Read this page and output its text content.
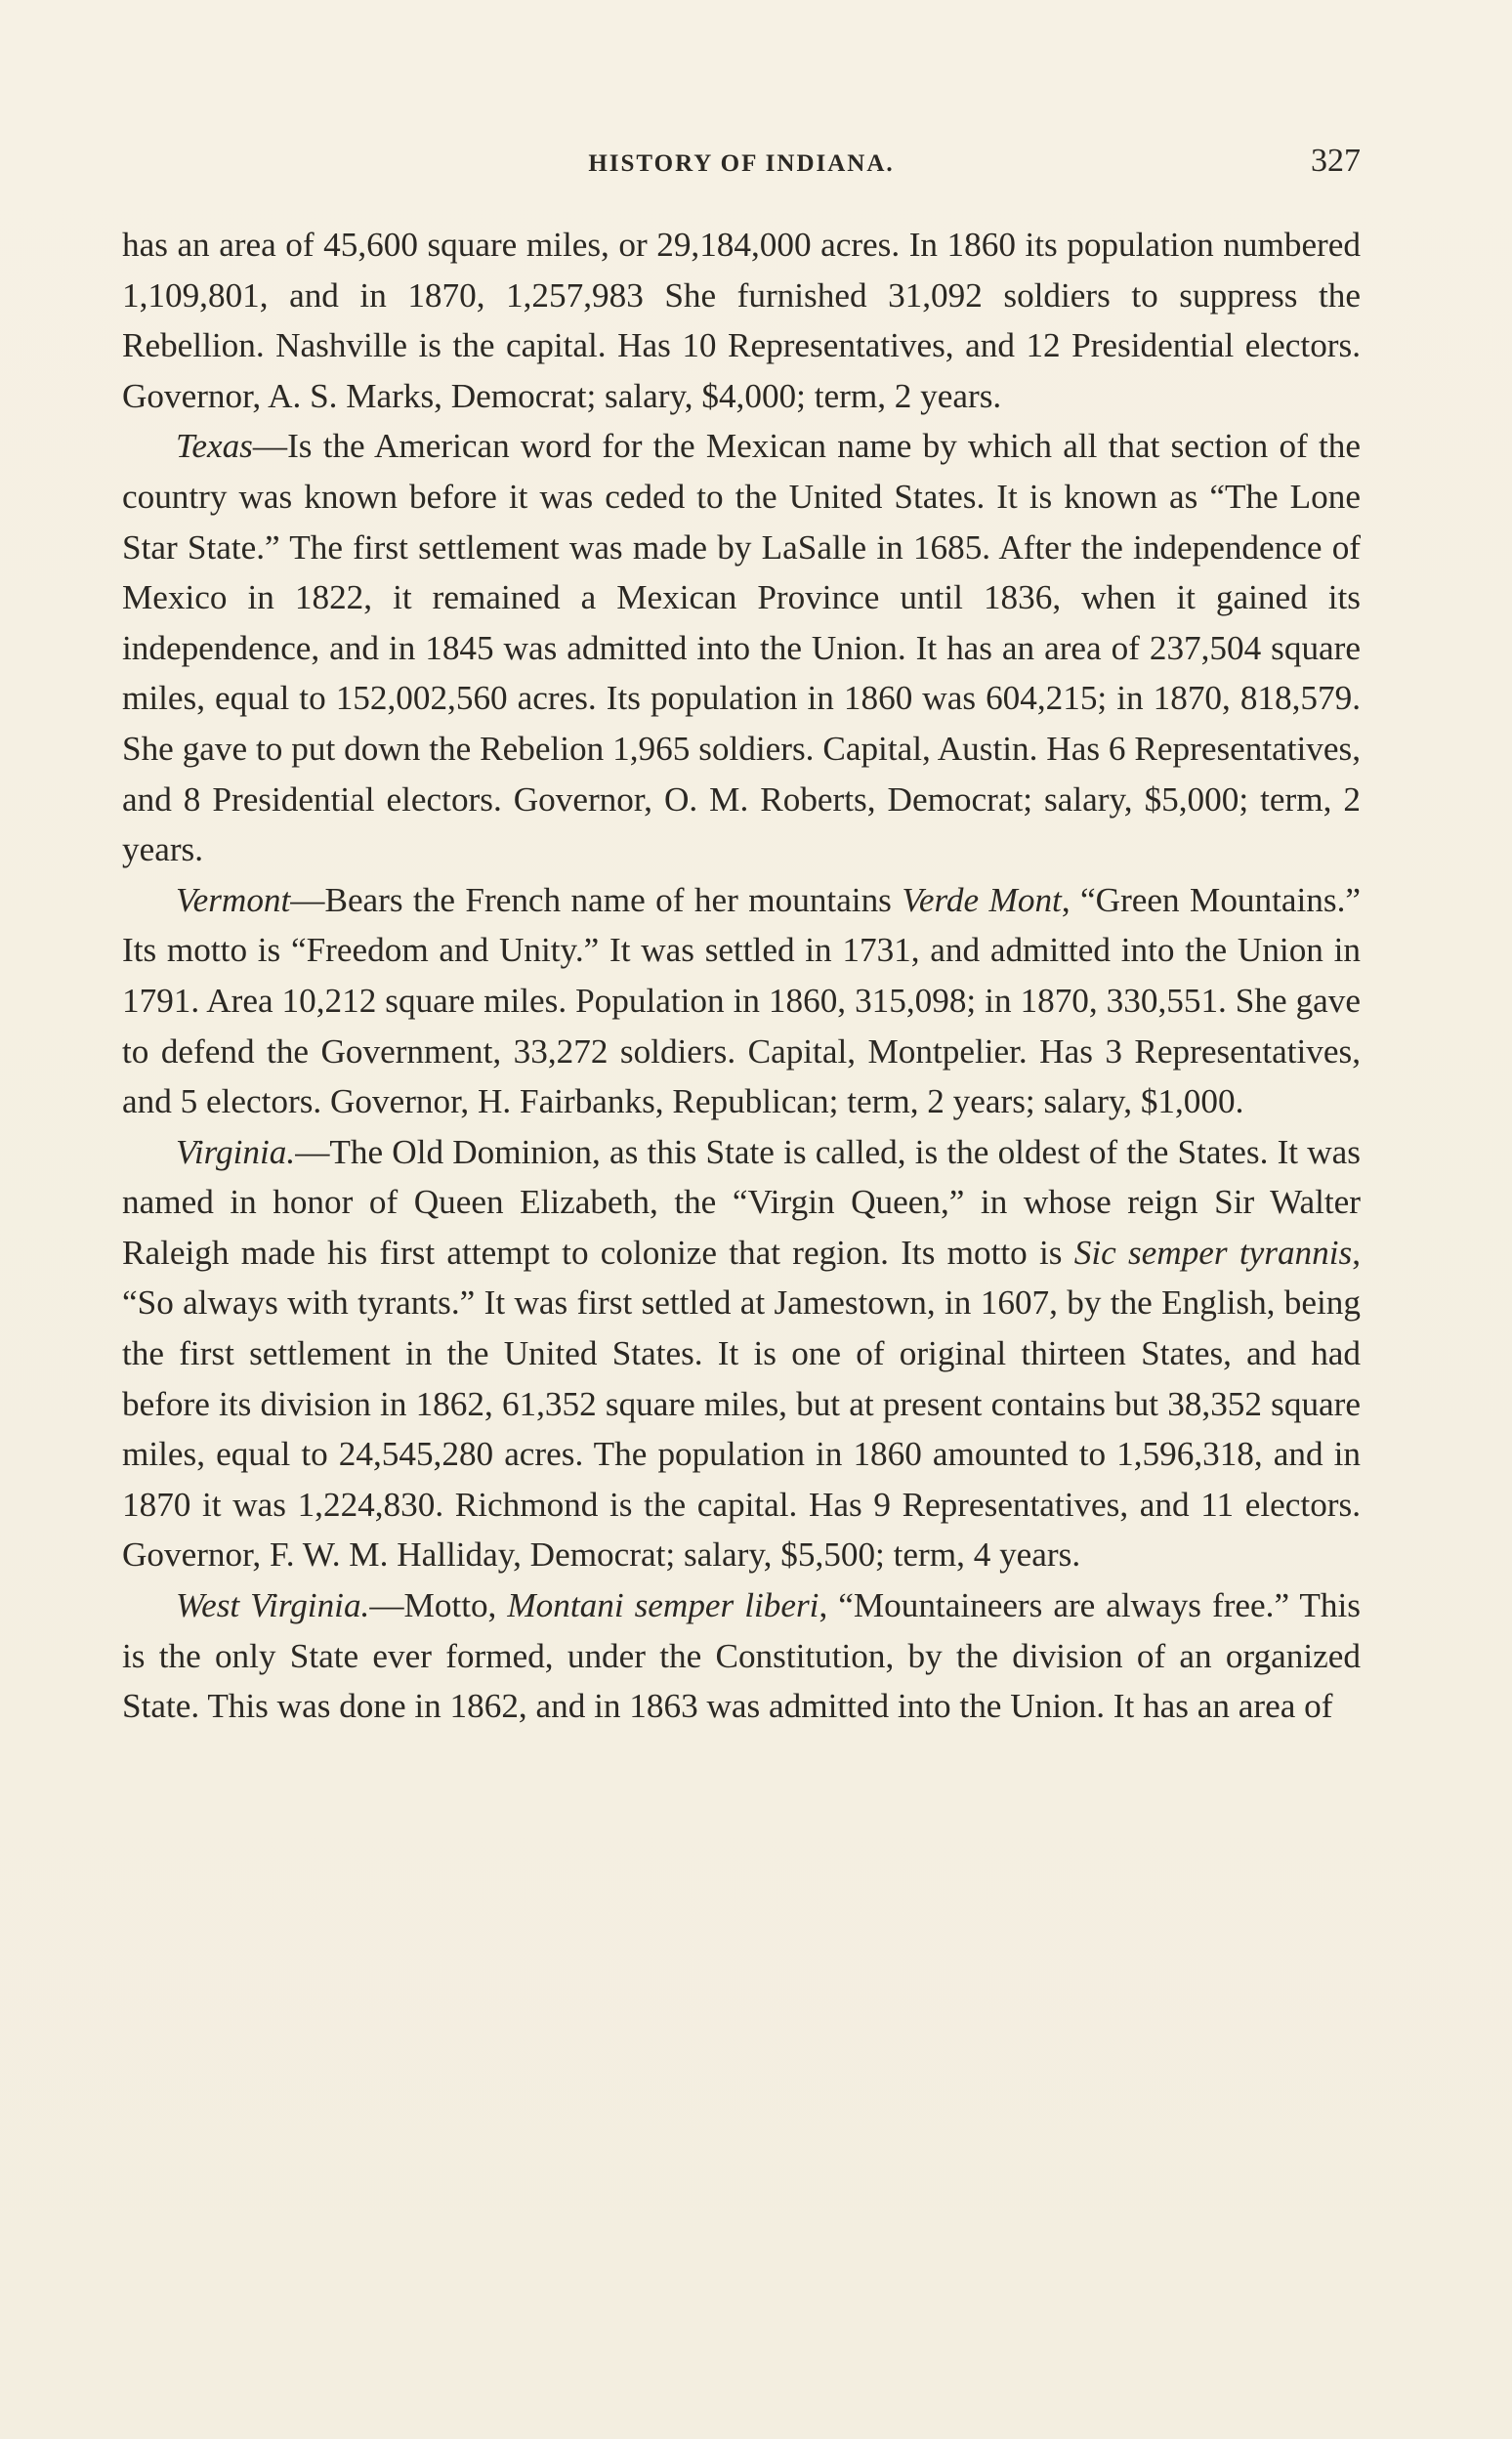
HISTORY OF INDIANA.	327

has an area of 45,600 square miles, or 29,184,000 acres. In 1860 its population numbered 1,109,801, and in 1870, 1,257,983 She furnished 31,092 soldiers to suppress the Rebellion. Nashville is the capital. Has 10 Representatives, and 12 Presidential electors. Governor, A. S. Marks, Democrat; salary, $4,000; term, 2 years.

Texas—Is the American word for the Mexican name by which all that section of the country was known before it was ceded to the United States. It is known as “The Lone Star State.” The first settlement was made by LaSalle in 1685. After the independence of Mexico in 1822, it remained a Mexican Province until 1836, when it gained its independence, and in 1845 was admitted into the Union. It has an area of 237,504 square miles, equal to 152,002,560 acres. Its population in 1860 was 604,215; in 1870, 818,579. She gave to put down the Rebelion 1,965 soldiers. Capital, Austin. Has 6 Representatives, and 8 Presidential electors. Governor, O. M. Roberts, Democrat; salary, $5,000; term, 2 years.

Vermont—Bears the French name of her mountains Verde Mont, “Green Mountains.” Its motto is “Freedom and Unity.” It was settled in 1731, and admitted into the Union in 1791. Area 10,212 square miles. Population in 1860, 315,098; in 1870, 330,551. She gave to defend the Government, 33,272 soldiers. Capital, Montpelier. Has 3 Representatives, and 5 electors. Governor, H. Fairbanks, Republican; term, 2 years; salary, $1,000.

Virginia.—The Old Dominion, as this State is called, is the oldest of the States. It was named in honor of Queen Elizabeth, the “Virgin Queen,” in whose reign Sir Walter Raleigh made his first attempt to colonize that region. Its motto is Sic semper tyrannis, “So always with tyrants.” It was first settled at Jamestown, in 1607, by the English, being the first settlement in the United States. It is one of original thirteen States, and had before its division in 1862, 61,352 square miles, but at present contains but 38,352 square miles, equal to 24,545,280 acres. The population in 1860 amounted to 1,596,318, and in 1870 it was 1,224,830. Richmond is the capital. Has 9 Representatives, and 11 electors. Governor, F. W. M. Halliday, Democrat; salary, $5,500; term, 4 years.

West Virginia.—Motto, Montani semper liberi, “Mountaineers are always free.” This is the only State ever formed, under the Constitution, by the division of an organized State. This was done in 1862, and in 1863 was admitted into the Union. It has an area of
